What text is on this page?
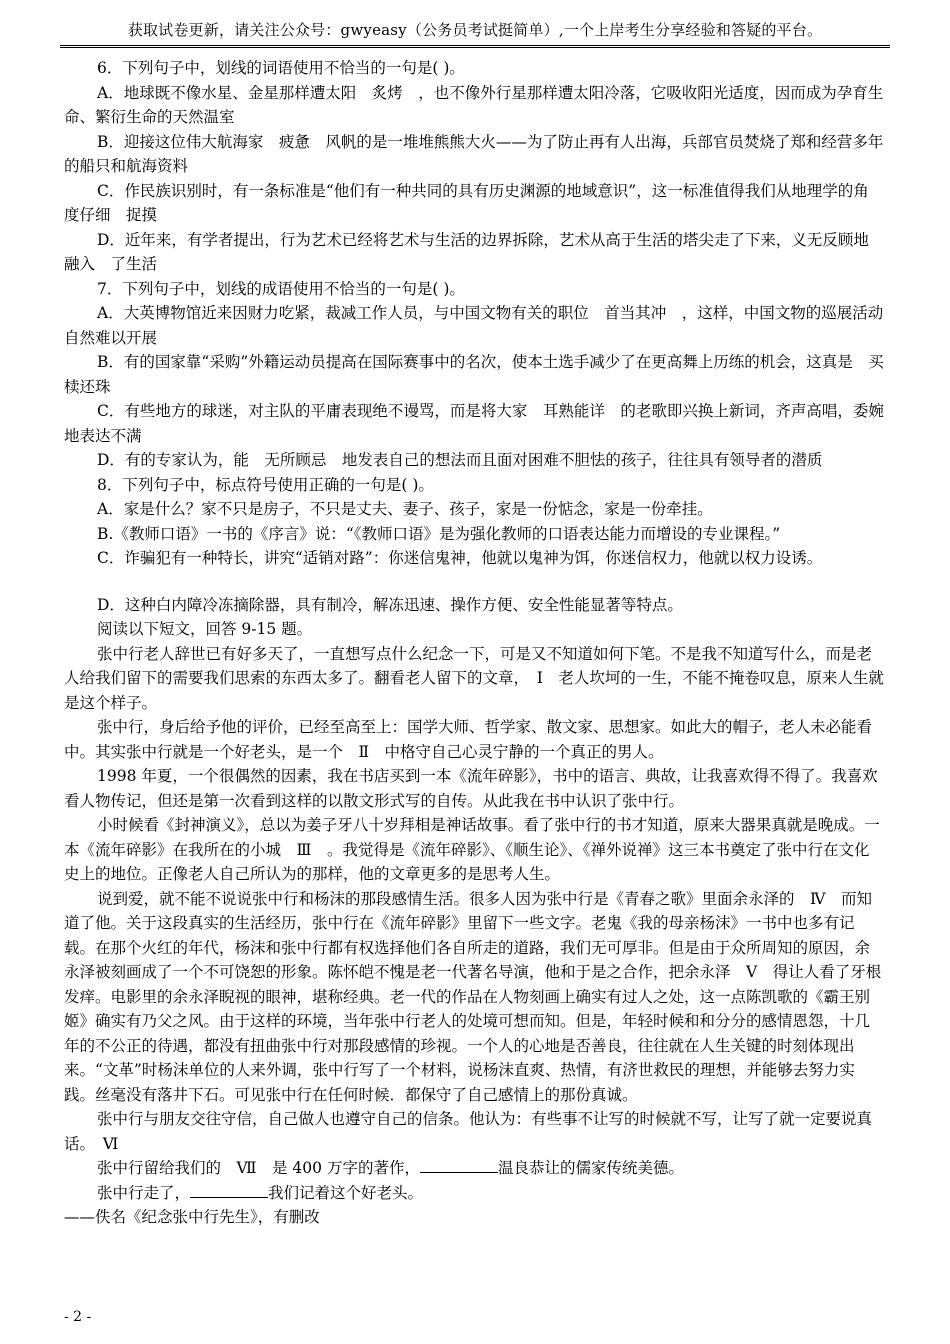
获取试卷更新，请关注公众号：gwyeasy（公务员考试挺简单）,一个上岸考生分享经验和答疑的平台。

6．下列句子中，划线的词语使用不恰当的一句是( )。

A．地球既不像水星、金星那样遭太阳　炙烤　，也不像外行星那样遭太阳冷落，它吸收阳光适度，因而成为孕育生命、繁衍生命的天然温室

B．迎接这位伟大航海家　疲惫　风帆的是一堆堆熊熊大火——为了防止再有人出海，兵部官员焚烧了郑和经营多年的船只和航海资料

C．作民族识别时，有一条标准是“他们有一种共同的具有历史渊源的地域意识”，这一标准值得我们从地理学的角度仔细　捉摸

D．近年来，有学者提出，行为艺术已经将艺术与生活的边界拆除，艺术从高于生活的塔尖走了下来，义无反顾地　融入　了生活

7．下列句子中，划线的成语使用不恰当的一句是( )。

A．大英博物馆近来因财力吃紧，裁减工作人员，与中国文物有关的职位　首当其冲　，这样，中国文物的巡展活动自然难以开展

B．有的国家靠“采购”外籍运动员提高在国际赛事中的名次，使本土选手减少了在更高舞上历练的机会，这真是　买椟还珠

C．有些地方的球迷，对主队的平庸表现绝不谩骂，而是将大家　耳熟能详　的老歌即兴换上新词，齐声高唱，委婉地表达不满

D．有的专家认为，能　无所顾忌　地发表自己的想法而且面对困难不胆怯的孩子，往往具有领导者的潜质

8．下列句子中，标点符号使用正确的一句是( )。

A．家是什么？家不只是房子，不只是丈夫、妻子、孩子，家是一份惦念，家是一份牵挂。

B.《教师口语》一书的《序言》说：“《教师口语》是为强化教师的口语表达能力而增设的专业课程。”

C．诈骗犯有一种特长，讲究“适销对路”：你迷信鬼神，他就以鬼神为饵，你迷信权力，他就以权力设诱。

D．这种白内障冷冻摘除器，具有制冷，解冻迅速、操作方便、安全性能显著等特点。

阅读以下短文，回答 9-15 题。

张中行老人辞世已有好多天了，一直想写点什么纪念一下，可是又不知道如何下笔。不是我不知道写什么，而是老人给我们留下的需要我们思索的东西太多了。翻看老人留下的文章，　Ⅰ　老人坎坷的一生，不能不掩卷叹息，原来人生就是这个样子。

张中行，身后给予他的评价，已经至高至上：国学大师、哲学家、散文家、思想家。如此大的帽子，老人未必能看中。其实张中行就是一个好老头，是一个　Ⅱ　中格守自己心灵宁静的一个真正的男人。

1998 年夏，一个很偶然的因素，我在书店买到一本《流年碎影》，书中的语言、典故，让我喜欢得不得了。我喜欢看人物传记，但还是第一次看到这样的以散文形式写的自传。从此我在书中认识了张中行。

小时候看《封神演义》，总以为姜子牙八十岁拜相是神话故事。看了张中行的书才知道，原来大器果真就是晚成。一本《流年碎影》在我所在的小城　Ⅲ　。我觉得是《流年碎影》、《顺生论》、《禅外说禅》这三本书奠定了张中行在文化史上的地位。正像老人自己所认为的那样，他的文章更多的是思考人生。

说到爱，就不能不说说张中行和杨沫的那段感情生活。很多人因为张中行是《青春之歌》里面余永泽的　Ⅳ　而知道了他。关于这段真实的生活经历，张中行在《流年碎影》里留下一些文字。老鬼《我的母亲杨沫》一书中也多有记载。在那个火红的年代，杨沫和张中行都有权选择他们各自所走的道路，我们无可厚非。但是由于众所周知的原因，余永泽被刻画成了一个不可饶恕的形象。陈怀皑不愧是老一代著名导演，他和于是之合作，把余永泽　Ⅴ　得让人看了牙根发痒。电影里的余永泽睨视的眼神，堪称经典。老一代的作品在人物刻画上确实有过人之处，这一点陈凯歌的《霸王别姬》确实有乃父之风。由于这样的环境，当年张中行老人的处境可想而知。但是，年轻时候和和分分的感情恩怨，十几年的不公正的待遇，都没有扭曲张中行对那段感情的珍视。一个人的心地是否善良，往往就在人生关键的时刻体现出来。“文革”时杨沫单位的人来外调，张中行写了一个材料，说杨沫直爽、热情，有济世救民的理想，并能够去努力实践。丝毫没有落井下石。可见张中行在任何时候．都保守了自己感情上的那份真诚。

张中行与朋友交往守信，自己做人也遵守自己的信条。他认为：有些事不让写的时候就不写，让写了就一定要说真话。　Ⅵ

张中行留给我们的　Ⅶ　是 400 万字的著作，	温良恭让的儒家传统美德。

张中行走了，	我们记着这个好老头。

——佚名《纪念张中行先生》，有删改

- 2 -
